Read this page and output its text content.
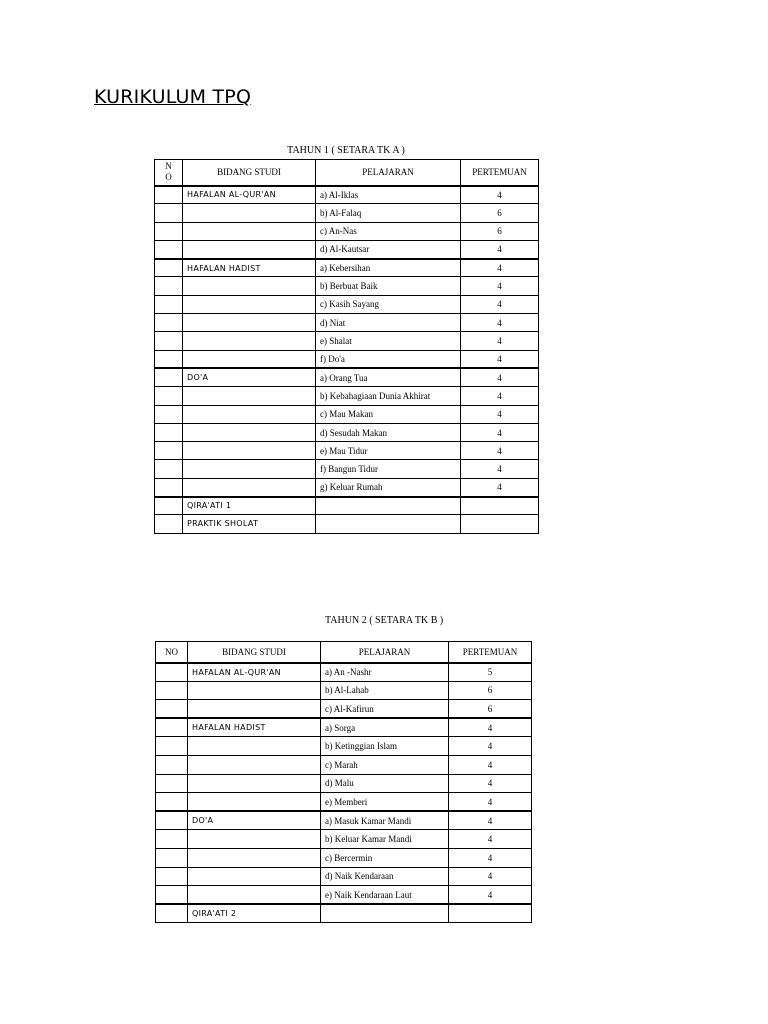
KURIKULUM TPQ
TAHUN 1 ( SETARA TK A )
N
O	BIDANG STUDI	PELAJARAN	PERTEMUAN
	HAFALAN AL-QUR'AN	a) Al-Iklas	4
		b) Al-Falaq	6
		c) An-Nas	6
		d) Al-Kautsar	4
	HAFALAN HADIST	a) Kebersihan	4
		b) Berbuat Baik	4
		c) Kasih Sayang	4
		d) Niat	4
		e) Shalat	4
		f) Do'a	4
	DO'A	a) Orang Tua	4
		b) Kebahagiaan Dunia Akhirat	4
		c) Mau Makan	4
		d) Sesudah Makan	4
		e) Mau Tidur	4
		f) Bangun Tidur	4
		g) Keluar Rumah	4
	QIRA'ATI 1		
	PRAKTIK SHOLAT		
TAHUN 2 ( SETARA TK B )
NO	BIDANG STUDI	PELAJARAN	PERTEMUAN
	HAFALAN AL-QUR'AN	a) An -Nashr	5
		b) Al-Lahab	6
		c) Al-Kafirun	6
	HAFALAN HADIST	a) Sorga	4
		b) Ketinggian Islam	4
		c) Marah	4
		d) Malu	4
		e) Memberi	4
	DO'A	a) Masuk Kamar Mandi	4
		b) Keluar Kamar Mandi	4
		c) Bercermin	4
		d) Naik Kendaraan	4
		e) Naik Kendaraan Laut	4
	QIRA'ATI 2		
